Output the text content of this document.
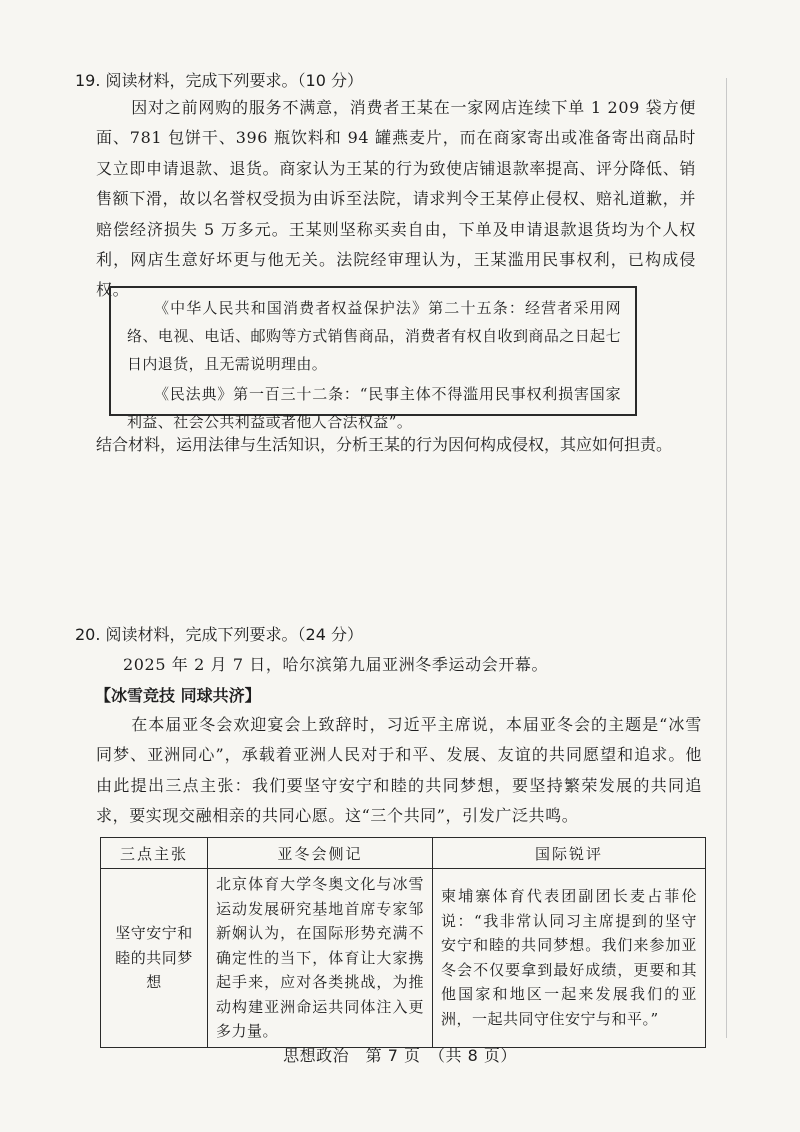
19. 阅读材料，完成下列要求。（10 分）

因对之前网购的服务不满意，消费者王某在一家网店连续下单 1 209 袋方便面、781 包饼干、396 瓶饮料和 94 罐燕麦片，而在商家寄出或准备寄出商品时又立即申请退款、退货。商家认为王某的行为致使店铺退款率提高、评分降低、销售额下滑，故以名誉权受损为由诉至法院，请求判令王某停止侵权、赔礼道歉，并赔偿经济损失 5 万多元。王某则坚称买卖自由，下单及申请退款退货均为个人权利，网店生意好坏更与他无关。法院经审理认为，王某滥用民事权利，已构成侵权。

《中华人民共和国消费者权益保护法》第二十五条：经营者采用网络、电视、电话、邮购等方式销售商品，消费者有权自收到商品之日起七日内退货，且无需说明理由。

《民法典》第一百三十二条：“民事主体不得滥用民事权利损害国家利益、社会公共利益或者他人合法权益”。

结合材料，运用法律与生活知识，分析王某的行为因何构成侵权，其应如何担责。
20. 阅读材料，完成下列要求。（24 分）
2025 年 2 月 7 日，哈尔滨第九届亚洲冬季运动会开幕。
【冰雪竞技 同球共济】

在本届亚冬会欢迎宴会上致辞时，习近平主席说，本届亚冬会的主题是“冰雪同梦、亚洲同心”，承载着亚洲人民对于和平、发展、友谊的共同愿望和追求。他由此提出三点主张：我们要坚守安宁和睦的共同梦想，要坚持繁荣发展的共同追求，要实现交融相亲的共同心愿。这“三个共同”，引发广泛共鸣。

三点主张	亚冬会侧记	国际锐评
坚守安宁和睦的共同梦想	北京体育大学冬奥文化与冰雪运动发展研究基地首席专家邹新娴认为，在国际形势充满不确定性的当下，体育让大家携起手来，应对各类挑战，为推动构建亚洲命运共同体注入更多力量。	柬埔寨体育代表团副团长麦占菲伦说：“我非常认同习主席提到的坚守安宁和睦的共同梦想。我们来参加亚冬会不仅要拿到最好成绩，更要和其他国家和地区一起来发展我们的亚洲，一起共同守住安宁与和平。”
思想政治　第 7 页　（共 8 页）
